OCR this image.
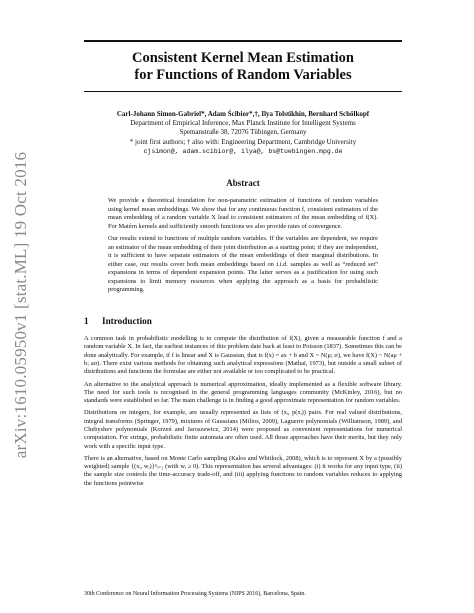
arXiv:1610.05950v1 [stat.ML] 19 Oct 2016

Consistent Kernel Mean Estimation
for Functions of Random Variables

Carl-Johann Simon-Gabriel*, Adam Ścibior*,†, Ilya Tolstikhin, Bernhard Schölkopf
Department of Empirical Inference, Max Planck Institute for Intelligent Systems
Spemanstraße 38, 72076 Tübingen, Germany
* joint first authors; † also with: Engineering Department, Cambridge University
cjsimon@, adam.scibior@, ilya@, bs@tuebingen.mpg.de
Abstract

We provide a theoretical foundation for non-parametric estimation of functions of random variables using kernel mean embeddings. We show that for any continuous function f, consistent estimators of the mean embedding of a random variable X lead to consistent estimators of the mean embedding of f(X). For Matérn kernels and sufficiently smooth functions we also provide rates of convergence.

Our results extend to functions of multiple random variables. If the variables are dependent, we require an estimator of the mean embedding of their joint distribution as a starting point; if they are independent, it is sufficient to have separate estimators of the mean embeddings of their marginal distributions. In either case, our results cover both mean embeddings based on i.i.d. samples as well as “reduced set” expansions in terms of dependent expansion points. The latter serves as a justification for using such expansions to limit memory resources when applying the approach as a basis for probabilistic programming.

1 Introduction

A common task in probabilistic modelling is to compute the distribution of f(X), given a measurable function f and a random variable X. In fact, the earliest instances of this problem date back at least to Poisson (1837). Sometimes this can be done analytically. For example, if f is linear and X is Gaussian, that is f(x) = ax + b and X ~ N(μ; σ), we have f(X) ~ N(aμ + b; aσ). There exist various methods for obtaining such analytical expressions (Mathai, 1973), but outside a small subset of distributions and functions the formulae are either not available or too complicated to be practical.

An alternative to the analytical approach is numerical approximation, ideally implemented as a flexible software library. The need for such tools is recognised in the general programming languages community (McKinley, 2016), but no standards were established so far. The main challenge is in finding a good approximate representation for random variables.

Distributions on integers, for example, are usually represented as lists of (xᵢ, p(xᵢ)) pairs. For real valued distributions, integral transforms (Springer, 1979), mixtures of Gaussians (Milios, 2009), Laguerre polynomials (Williamson, 1989), and Chebyshev polynomials (Korzeń and Jaroszewicz, 2014) were proposed as convenient representations for numerical computation. For strings, probabilistic finite automata are often used. All those approaches have their merits, but they only work with a specific input type.

There is an alternative, based on Monte Carlo sampling (Kalos and Whitlock, 2008), which is to represent X by a (possibly weighted) sample {(xᵢ, wᵢ)}ⁿᵢ₌₁ (with wᵢ ≥ 0). This representation has several advantages: (i) it works for any input type, (ii) the sample size controls the time-accuracy trade-off, and (iii) applying functions to random variables reduces to applying the functions pointwise

30th Conference on Neural Information Processing Systems (NIPS 2016), Barcelona, Spain.
